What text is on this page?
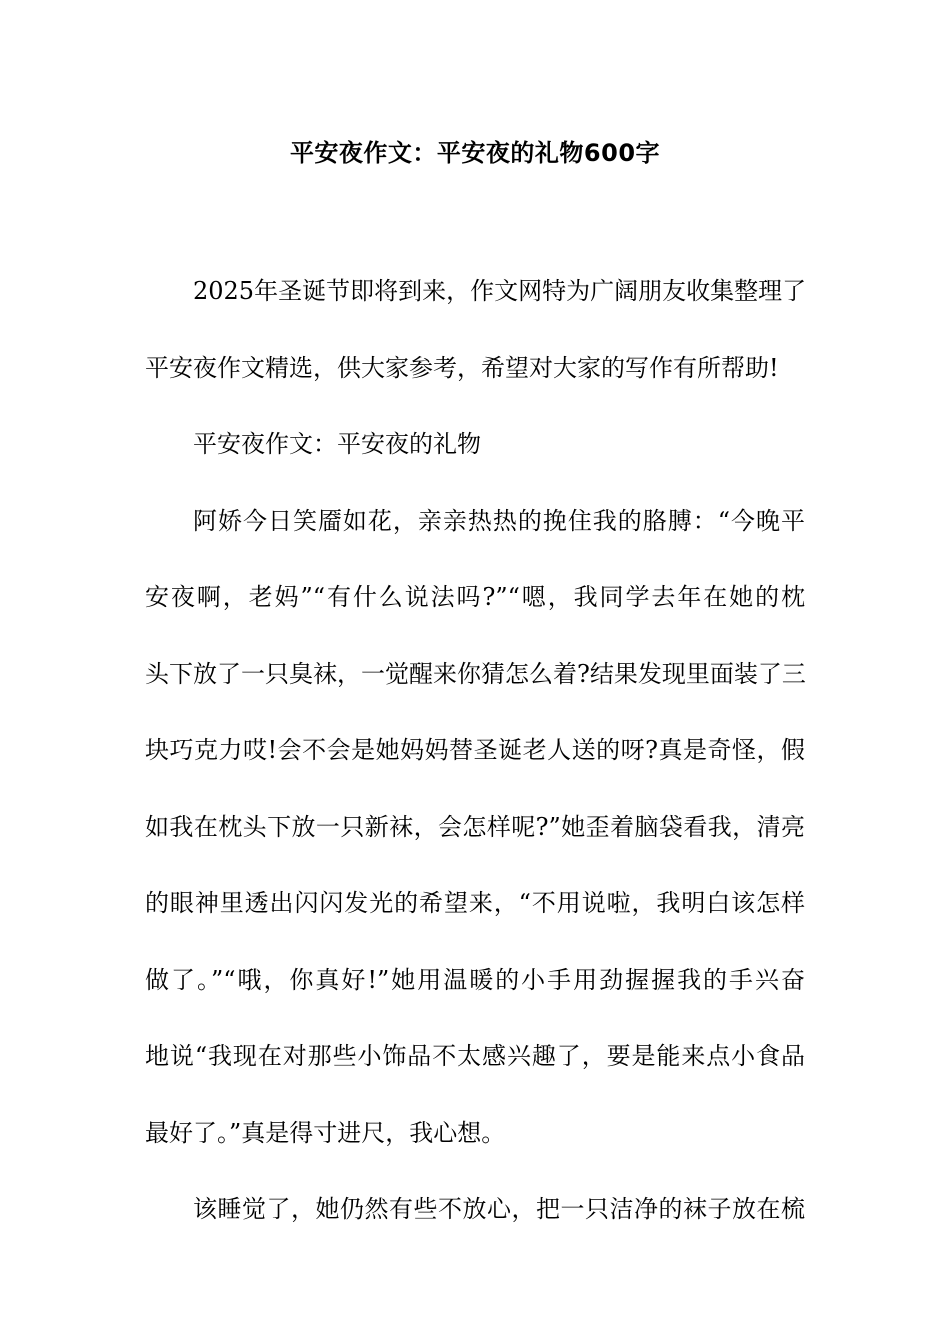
平安夜作文：平安夜的礼物600字
2025年圣诞节即将到来，作文网特为广阔朋友收集整理了
平安夜作文精选，供大家参考，希望对大家的写作有所帮助!
平安夜作文：平安夜的礼物
阿娇今日笑靥如花，亲亲热热的挽住我的胳膊：“今晚平
安夜啊，老妈”“有什么说法吗?”“嗯，我同学去年在她的枕
头下放了一只臭袜，一觉醒来你猜怎么着?结果发现里面装了三
块巧克力哎!会不会是她妈妈替圣诞老人送的呀?真是奇怪，假
如我在枕头下放一只新袜，会怎样呢?”她歪着脑袋看我，清亮
的眼神里透出闪闪发光的希望来，“不用说啦，我明白该怎样
做了。”“哦，你真好!”她用温暖的小手用劲握握我的手兴奋
地说“我现在对那些小饰品不太感兴趣了，要是能来点小食品
最好了。”真是得寸进尺，我心想。
该睡觉了，她仍然有些不放心，把一只洁净的袜子放在梳
